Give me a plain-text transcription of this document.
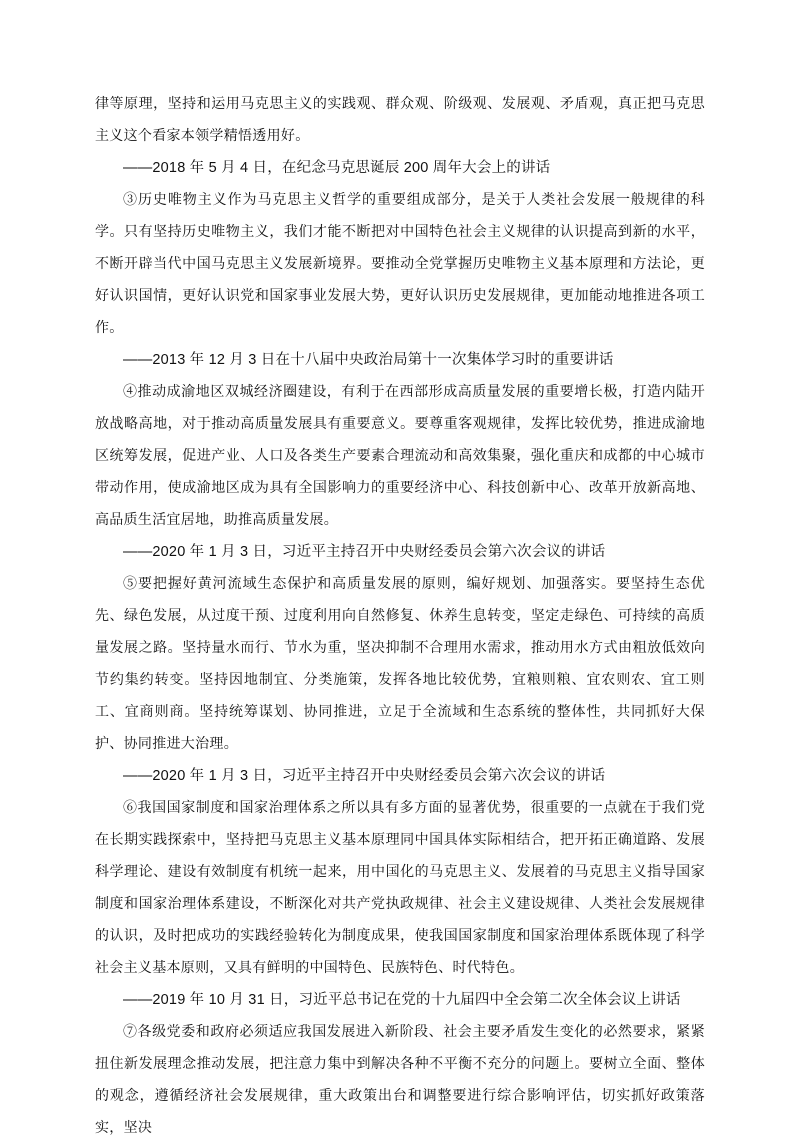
律等原理，坚持和运用马克思主义的实践观、群众观、阶级观、发展观、矛盾观，真正把马克思主义这个看家本领学精悟透用好。

——2018 年 5 月 4 日，在纪念马克思诞辰 200 周年大会上的讲话

③历史唯物主义作为马克思主义哲学的重要组成部分，是关于人类社会发展一般规律的科学。只有坚持历史唯物主义，我们才能不断把对中国特色社会主义规律的认识提高到新的水平，不断开辟当代中国马克思主义发展新境界。要推动全党掌握历史唯物主义基本原理和方法论，更好认识国情，更好认识党和国家事业发展大势，更好认识历史发展规律，更加能动地推进各项工作。

——2013 年 12 月 3 日在十八届中央政治局第十一次集体学习时的重要讲话

④推动成渝地区双城经济圈建设，有利于在西部形成高质量发展的重要增长极，打造内陆开放战略高地，对于推动高质量发展具有重要意义。要尊重客观规律，发挥比较优势，推进成渝地区统筹发展，促进产业、人口及各类生产要素合理流动和高效集聚，强化重庆和成都的中心城市带动作用，使成渝地区成为具有全国影响力的重要经济中心、科技创新中心、改革开放新高地、高品质生活宜居地，助推高质量发展。

——2020 年 1 月 3 日，习近平主持召开中央财经委员会第六次会议的讲话

⑤要把握好黄河流域生态保护和高质量发展的原则，编好规划、加强落实。要坚持生态优先、绿色发展，从过度干预、过度利用向自然修复、休养生息转变，坚定走绿色、可持续的高质量发展之路。坚持量水而行、节水为重，坚决抑制不合理用水需求，推动用水方式由粗放低效向节约集约转变。坚持因地制宜、分类施策，发挥各地比较优势，宜粮则粮、宜农则农、宜工则工、宜商则商。坚持统筹谋划、协同推进，立足于全流域和生态系统的整体性，共同抓好大保护、协同推进大治理。

——2020 年 1 月 3 日，习近平主持召开中央财经委员会第六次会议的讲话

⑥我国国家制度和国家治理体系之所以具有多方面的显著优势，很重要的一点就在于我们党在长期实践探索中，坚持把马克思主义基本原理同中国具体实际相结合，把开拓正确道路、发展科学理论、建设有效制度有机统一起来，用中国化的马克思主义、发展着的马克思主义指导国家制度和国家治理体系建设，不断深化对共产党执政规律、社会主义建设规律、人类社会发展规律的认识，及时把成功的实践经验转化为制度成果，使我国国家制度和国家治理体系既体现了科学社会主义基本原则，又具有鲜明的中国特色、民族特色、时代特色。

——2019 年 10 月 31 日，习近平总书记在党的十九届四中全会第二次全体会议上讲话

⑦各级党委和政府必须适应我国发展进入新阶段、社会主要矛盾发生变化的必然要求，紧紧扭住新发展理念推动发展，把注意力集中到解决各种不平衡不充分的问题上。要树立全面、整体的观念，遵循经济社会发展规律，重大政策出台和调整要进行综合影响评估，切实抓好政策落实，坚决
